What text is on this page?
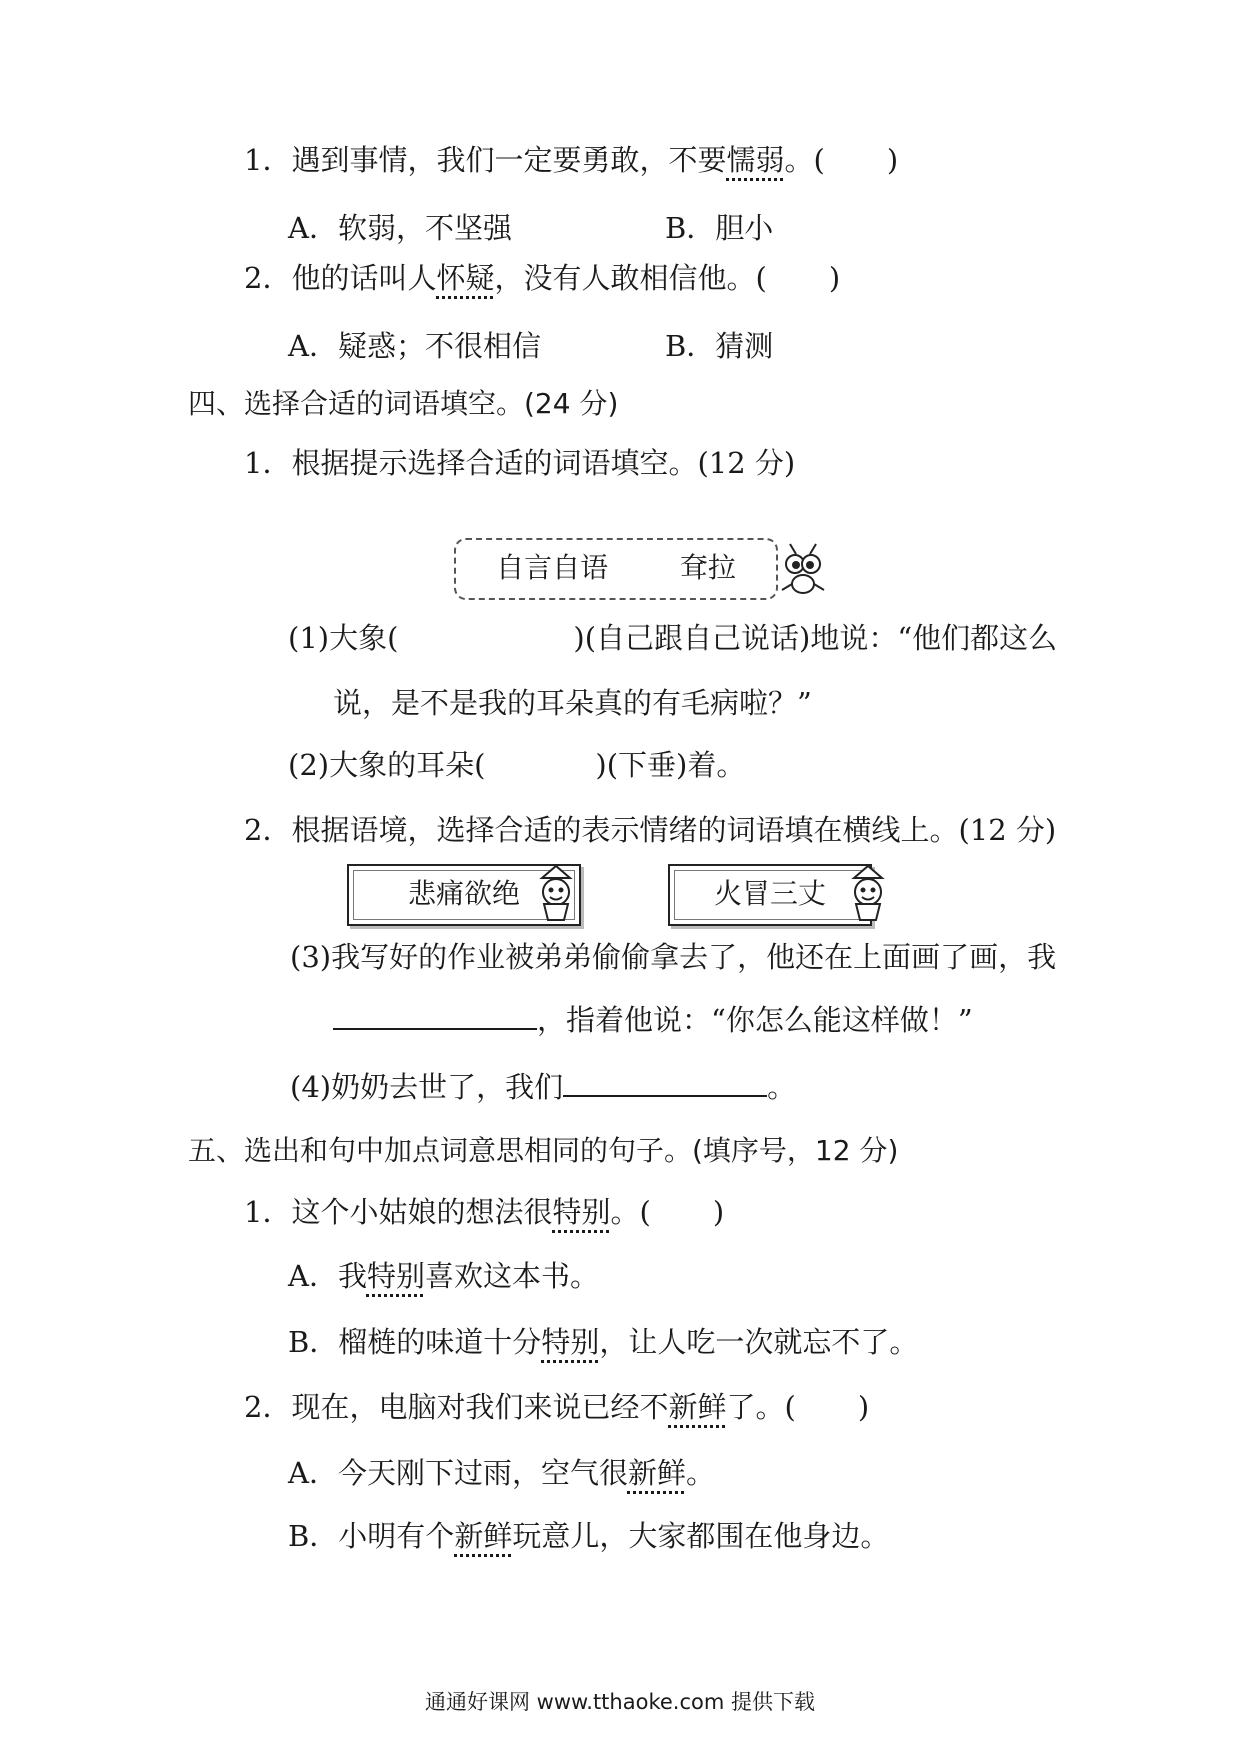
1．遇到事情，我们一定要勇敢，不要懦弱。( )
A．软弱，不坚强	B．胆小
2．他的话叫人怀疑，没有人敢相信他。( )
A．疑惑；不很相信	B．猜测
四、选择合适的词语填空。(24 分)
1．根据提示选择合适的词语填空。(12 分)
自言自语	耷拉
(1)大象(	)(自己跟自己说话)地说：“他们都这么
说，是不是我的耳朵真的有毛病啦？”
(2)大象的耳朵(	)(下垂)着。
2．根据语境，选择合适的表示情绪的词语填在横线上。(12 分)
悲痛欲绝	火冒三丈
(3)我写好的作业被弟弟偷偷拿去了，他还在上面画了画，我
，指着他说：“你怎么能这样做！”
(4)奶奶去世了，我们	。
五、选出和句中加点词意思相同的句子。(填序号，12 分)
1．这个小姑娘的想法很特别。( )
A．我特别喜欢这本书。
B．榴梿的味道十分特别，让人吃一次就忘不了。
2．现在，电脑对我们来说已经不新鲜了。( )
A．今天刚下过雨，空气很新鲜。
B．小明有个新鲜玩意儿，大家都围在他身边。
通通好课网 www.tthaoke.com 提供下载
